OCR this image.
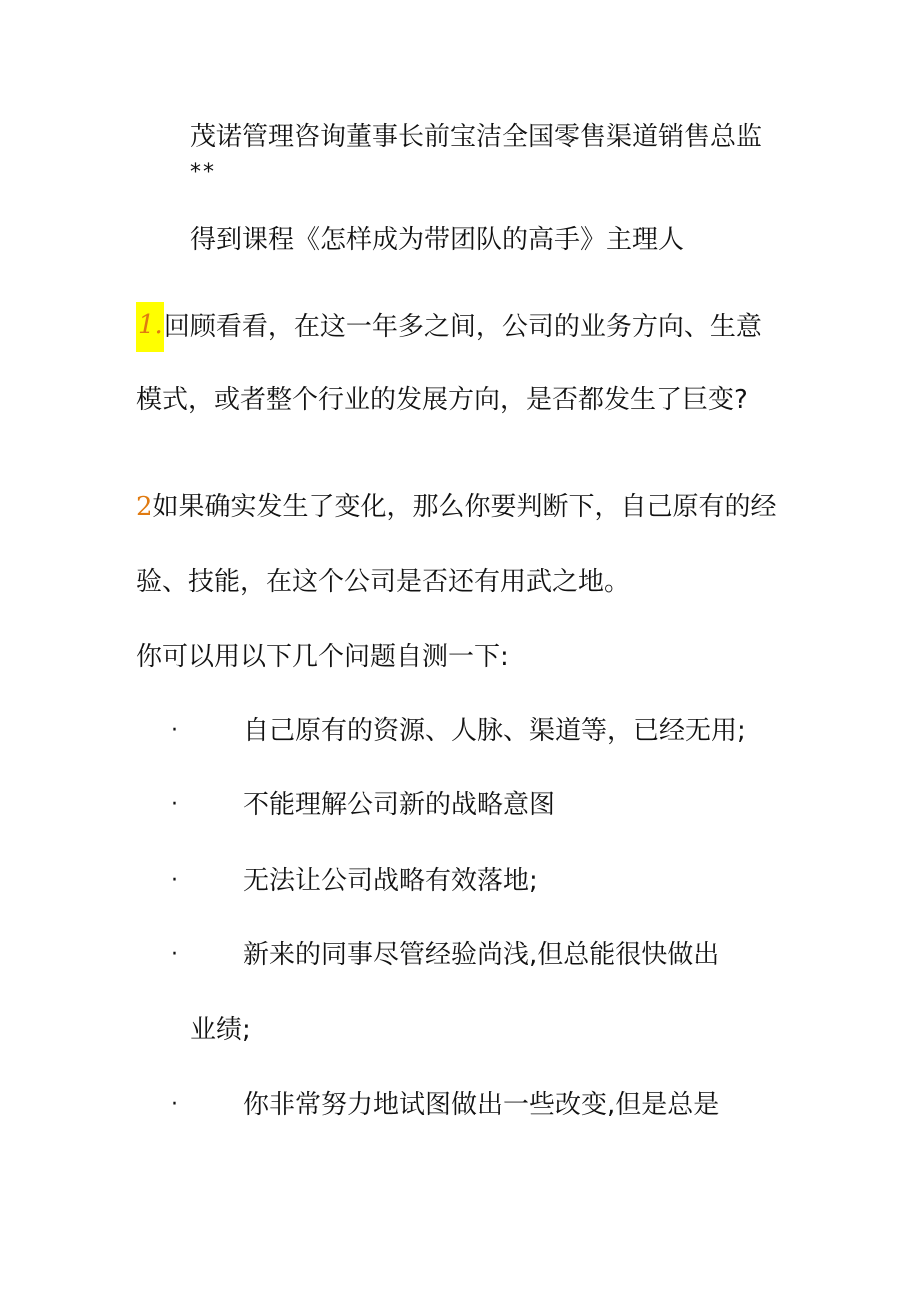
茂诺管理咨询董事长前宝洁全国零售渠道销售总监
**
得到课程《怎样成为带团队的高手》主理人
1.回顾看看，在这一年多之间，公司的业务方向、生意
模式，或者整个行业的发展方向，是否都发生了巨变?
2如果确实发生了变化，那么你要判断下，自己原有的经
验、技能，在这个公司是否还有用武之地。
你可以用以下几个问题自测一下:
·	自己原有的资源、人脉、渠道等，已经无用;
·	不能理解公司新的战略意图
·	无法让公司战略有效落地;
·	新来的同事尽管经验尚浅,但总能很快做出
业绩;
·	你非常努力地试图做出一些改变,但是总是
